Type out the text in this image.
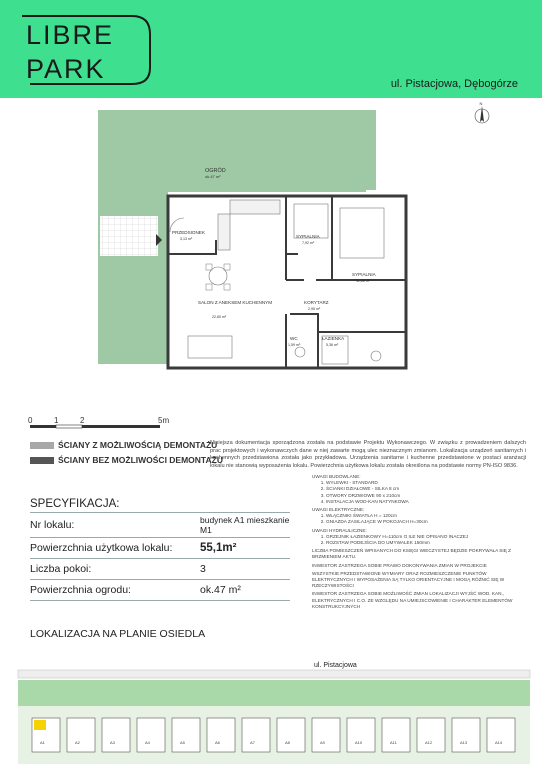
LIBRE
PARK	ul. Pistacjowa, Dębogórze
OGRÓD
ok.47 m²
PRZEDSIONEK
3,13 m²	SYPIALNIA
7,92 m²
SYPIALNIA
11,55 m²
SALON Z ANEKSEM KUCHENNYM
22,60 m²
KORYTARZ
2,95 m²
WC
1,59 m²
ŁAZIENKA
5,36 m²
N
0	1	2	5m
ŚCIANY Z MOŻLIWOŚCIĄ DEMONTAŻU
ŚCIANY BEZ MOŻLIWOŚCI DEMONTAŻU
Niniejsza dokumentacja sporządzona została na podstawie Projektu Wykonawczego. W związku z prowadzeniem dalszych prac projektowych i wykonawczych dane w niej zawarte mogą ulec nieznacznym zmianom. Lokalizacja urządzeń sanitarnych i kuchennych przedstawiona została jako przykładowa. Urządzenia sanitarne i kuchenne przedstawione w postaci aranżacji lokalu nie stanowią wyposażenia lokalu. Powierzchnia użytkowa lokalu została określona na podstawie normy PN-ISO 9836.
SPECYFIKACJA:
Nr lokalu:	budynek A1 mieszkanie M1
Powierzchnia użytkowa lokalu:	55,1m²
Liczba pokoi:	3
Powierzchnia ogrodu:	ok.47 m²
UWAGI BUDOWLANE:
1. WYLEWKI - STANDARD
2. ŚCIANKI DZIAŁOWE - SILKA 8 cm
3. OTWORY DRZWIOWE 90 x 210cm
4. INSTALACJA WOD-KAN NATYNKOWA
UWAGI ELEKTRYCZNE:
1. WŁĄCZNIKI ŚWIATŁA H = 120cm
2. GNIAZDA ZASILAJĄCE W POKOJACH H=30cm
UWAGI HYDRAULICZNE:
1. GRZEJNIK ŁAZIENKOWY H=110cm O ILE NIE OPISANO INACZEJ
2. ROZSTAW PODEJŚCIA DO UMYWALEK 150mm
LICZBA POMIESZCZEŃ WPISANYCH DO KSIĘGI WIECZYSTEJ BĘDZIE POKRYWAŁA SIĘ Z BRZMIENIEM AKTU.
INWESTOR ZASTRZEGA SOBIE PRAWO DOKONYWANIA ZMIAN W PROJEKCIE
WSZYSTKIE PRZEDSTAWIONE WYMIARY ORAZ ROZMIESZCZENIE PUNKTÓW ELEKTRYCZNYCH I WYPOSAŻENIA SĄ TYLKO ORIENTACYJNE I MOGĄ RÓŻNIĆ SIĘ W RZECZYWISTOŚCI
INWESTOR ZASTRZEGA SOBIE MOŻLIWOŚĆ ZMIAN LOKALIZACJI WYJŚĆ WOD. KAN., ELEKTRYCZNYCH I C.O. ZE WZGLĘDU NA UMIEJSCOWIENIE I CHARAKTER ELEMENTÓW KONSTRUKCYJNYCH
LOKALIZACJA NA PLANIE OSIEDLA
ul. Pistacjowa
A1	A2	A3	A4	A5	A6	A7	A8	A9	A10	A11	A12	A13	A14
